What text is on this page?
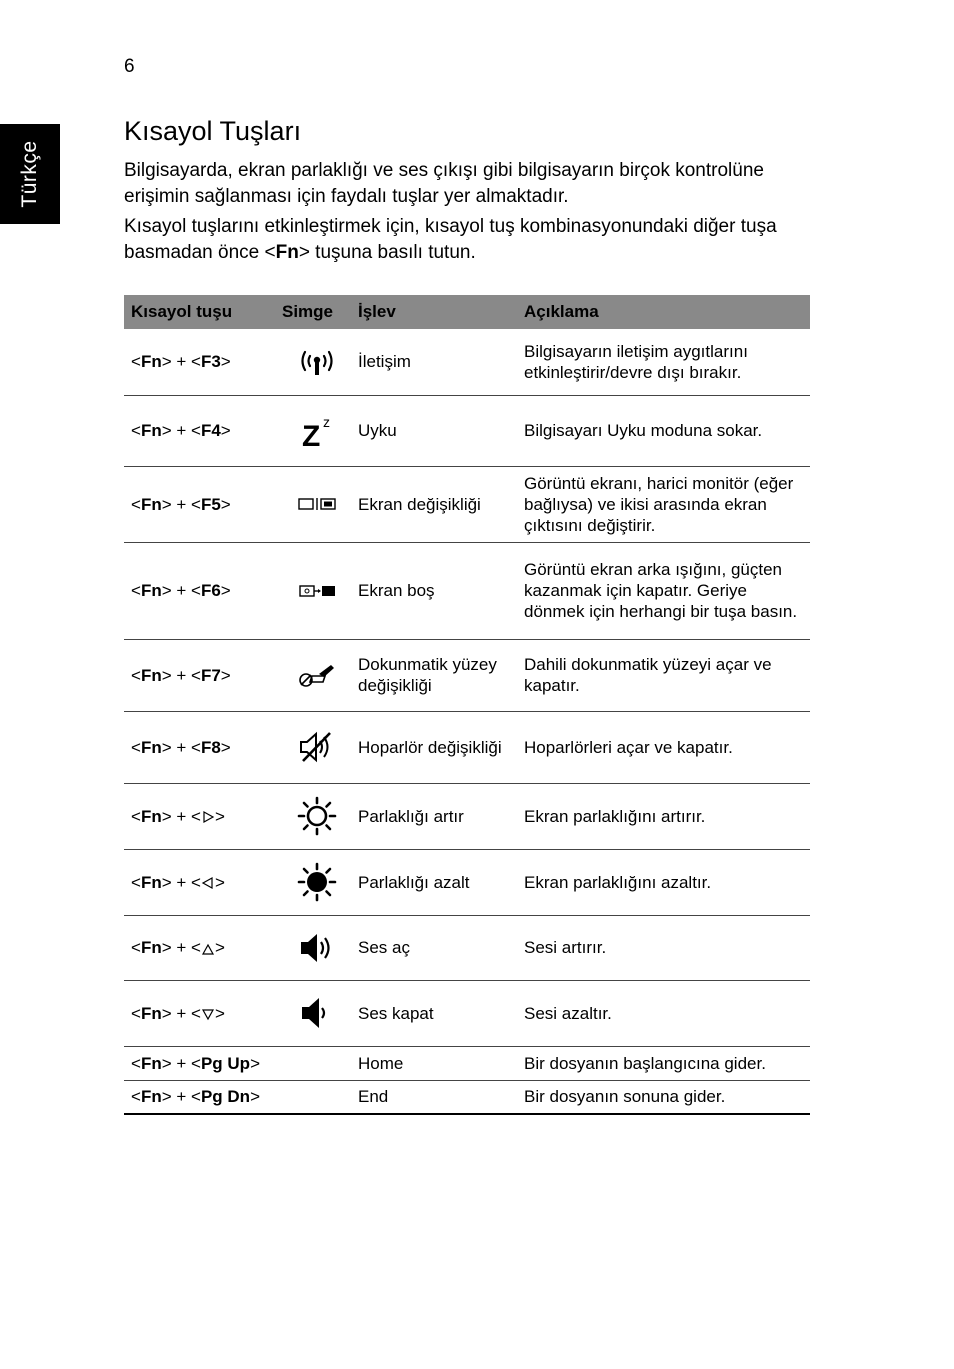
6
Türkçe
Kısayol Tuşları

Bilgisayarda, ekran parlaklığı ve ses çıkışı gibi bilgisayarın birçok kontrolüne erişimin sağlanması için faydalı tuşlar yer almaktadır.

Kısayol tuşlarını etkinleştirmek için, kısayol tuş kombinasyonundaki diğer tuşa basmadan önce <Fn> tuşuna basılı tutun.

Kısayol tuşu	Simge	İşlev	Açıklama
<Fn> + <F3>		İletişim	Bilgisayarın iletişim aygıtlarını etkinleştirir/devre dışı bırakır.
<Fn> + <F4>	Z z	Uyku	Bilgisayarı Uyku moduna sokar.
<Fn> + <F5>		Ekran değişikliği	Görüntü ekranı, harici monitör (eğer bağlıysa) ve ikisi arasında ekran çıktısını değiştirir.
<Fn> + <F6>		Ekran boş	Görüntü ekran arka ışığını, güçten kazanmak için kapatır. Geriye dönmek için herhangi bir tuşa basın.
<Fn> + <F7>		Dokunmatik yüzey değişikliği	Dahili dokunmatik yüzeyi açar ve kapatır.
<Fn> + <F8>		Hoparlör değişikliği	Hoparlörleri açar ve kapatır.
<Fn> + < >		Parlaklığı artır	Ekran parlaklığını artırır.
<Fn> + < >		Parlaklığı azalt	Ekran parlaklığını azaltır.
<Fn> + < >		Ses aç	Sesi artırır.
<Fn> + < >		Ses kapat	Sesi azaltır.
<Fn> + <Pg Up>		Home	Bir dosyanın başlangıcına gider.
<Fn> + <Pg Dn>		End	Bir dosyanın sonuna gider.
